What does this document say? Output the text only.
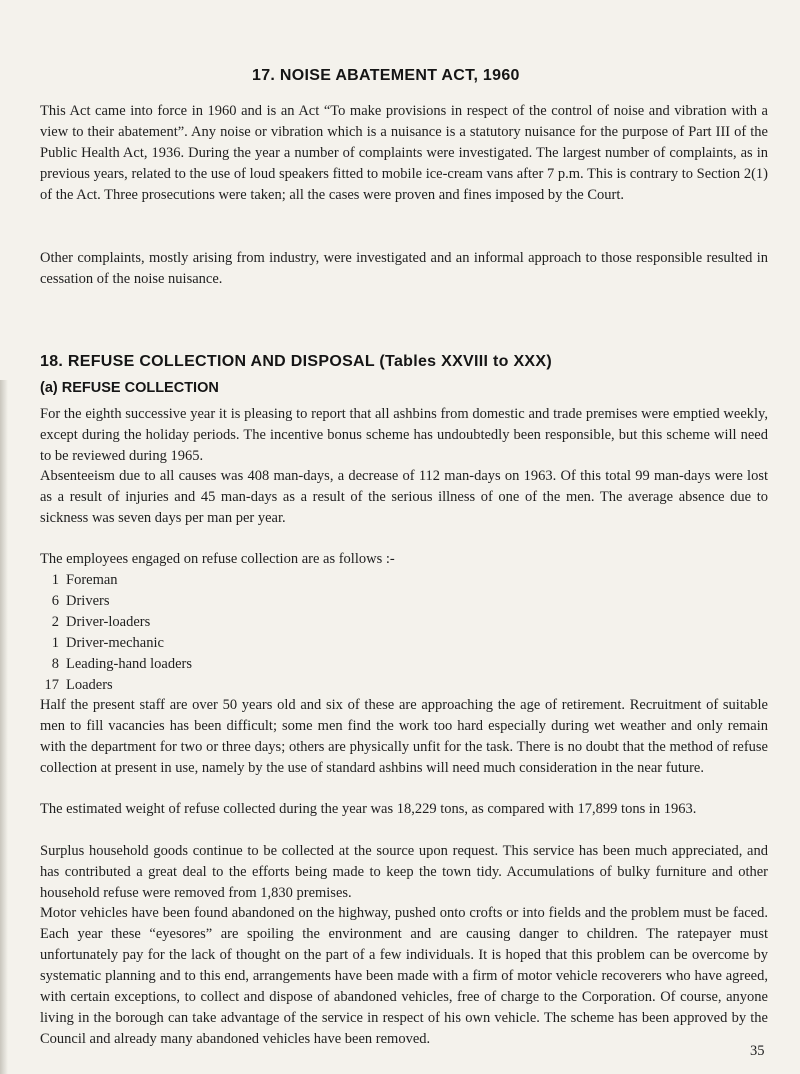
17. NOISE ABATEMENT ACT, 1960

This Act came into force in 1960 and is an Act “To make provisions in respect of the control of noise and vibration with a view to their abatement”. Any noise or vibration which is a nuisance is a statutory nuisance for the purpose of Part III of the Public Health Act, 1936. During the year a number of complaints were investigated. The largest number of complaints, as in previous years, related to the use of loud speakers fitted to mobile ice-cream vans after 7 p.m. This is contrary to Section 2(1) of the Act. Three prosecutions were taken; all the cases were proven and fines imposed by the Court.

Other complaints, mostly arising from industry, were investigated and an informal approach to those responsible resulted in cessation of the noise nuisance.

18. REFUSE COLLECTION AND DISPOSAL (Tables XXVIII to XXX)
(a) REFUSE COLLECTION

For the eighth successive year it is pleasing to report that all ashbins from domestic and trade premises were emptied weekly, except during the holiday periods. The incentive bonus scheme has undoubtedly been responsible, but this scheme will need to be reviewed during 1965.

Absenteeism due to all causes was 408 man-days, a decrease of 112 man-days on 1963. Of this total 99 man-days were lost as a result of injuries and 45 man-days as a result of the serious illness of one of the men. The average absence due to sickness was seven days per man per year.

The employees engaged on refuse collection are as follows :-

1 Foreman
6 Drivers
2 Driver-loaders
1 Driver-mechanic
8 Leading-hand loaders
17 Loaders

Half the present staff are over 50 years old and six of these are approaching the age of retirement. Recruitment of suitable men to fill vacancies has been difficult; some men find the work too hard especially during wet weather and only remain with the department for two or three days; others are physically unfit for the task. There is no doubt that the method of refuse collection at present in use, namely by the use of standard ashbins will need much consideration in the near future.

The estimated weight of refuse collected during the year was 18,229 tons, as compared with 17,899 tons in 1963.

Surplus household goods continue to be collected at the source upon request. This service has been much appreciated, and has contributed a great deal to the efforts being made to keep the town tidy. Accumulations of bulky furniture and other household refuse were removed from 1,830 premises.

Motor vehicles have been found abandoned on the highway, pushed onto crofts or into fields and the problem must be faced. Each year these “eyesores” are spoiling the environment and are causing danger to children. The ratepayer must unfortunately pay for the lack of thought on the part of a few individuals. It is hoped that this problem can be overcome by systematic planning and to this end, arrangements have been made with a firm of motor vehicle recoverers who have agreed, with certain exceptions, to collect and dispose of abandoned vehicles, free of charge to the Corporation. Of course, anyone living in the borough can take advantage of the service in respect of his own vehicle. The scheme has been approved by the Council and already many abandoned vehicles have been removed.

35
